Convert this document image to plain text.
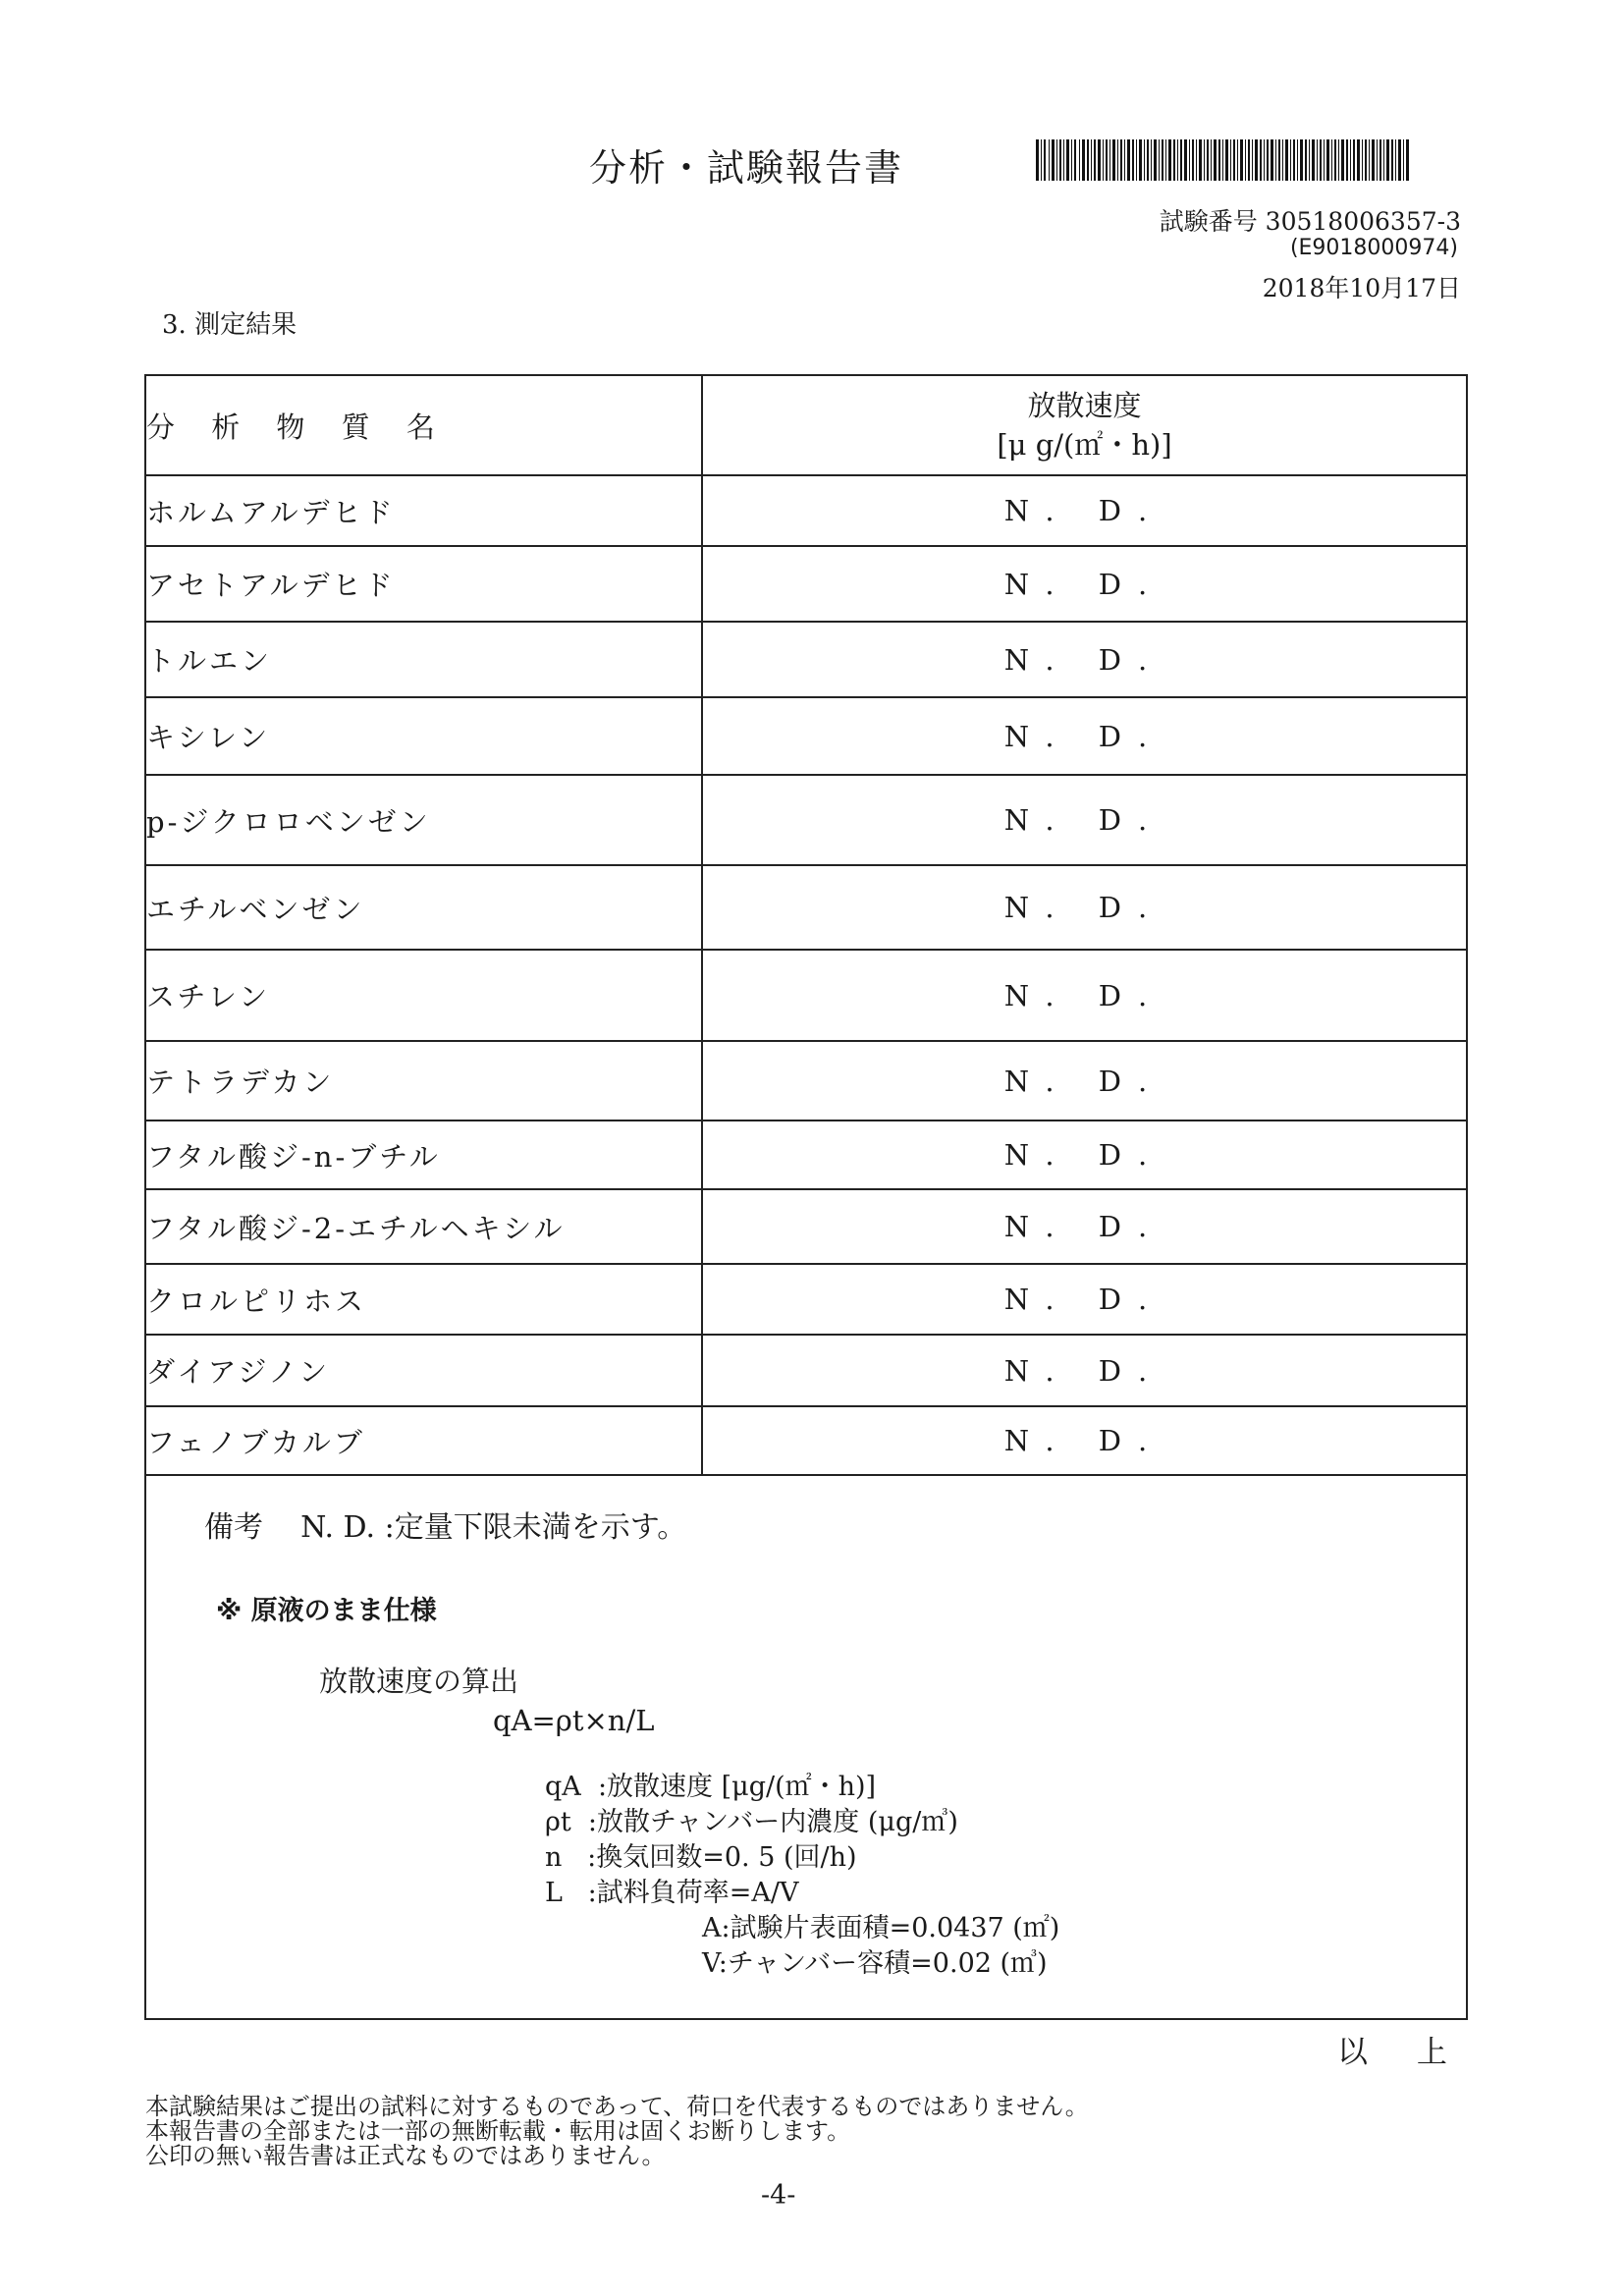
分析・試験報告書
試験番号 30518006357-3
(E9018000974)
2018年10月17日
3. 測定結果
分 析 物 質 名	放散速度
[μ g/(㎡・h)]

ホルムアルデヒド	N. D.
アセトアルデヒド	N. D.
トルエン	N. D.
キシレン	N. D.
p-ジクロロベンゼン	N. D.
エチルベンゼン	N. D.
スチレン	N. D.
テトラデカン	N. D.
フタル酸ジ-n-ブチル	N. D.
フタル酸ジ-2-エチルヘキシル	N. D.
クロルピリホス	N. D.
ダイアジノン	N. D.
フェノブカルブ	N. D.
備考    N. D. :定量下限未満を示す。
※ 原液のまま仕様
放散速度の算出
qA=ρt×n/L
qA  :放散速度 [μg/(㎡・h)]
ρt  :放散チャンバー内濃度 (μg/㎥)
n   :換気回数=0. 5 (回/h)
L   :試料負荷率=A/V
A:試験片表面積=0.0437 (㎡)
V:チャンバー容積=0.02 (㎥)
以 上
本試験結果はご提出の試料に対するものであって、荷口を代表するものではありません。
本報告書の全部または一部の無断転載・転用は固くお断りします。
公印の無い報告書は正式なものではありません。
-4-
